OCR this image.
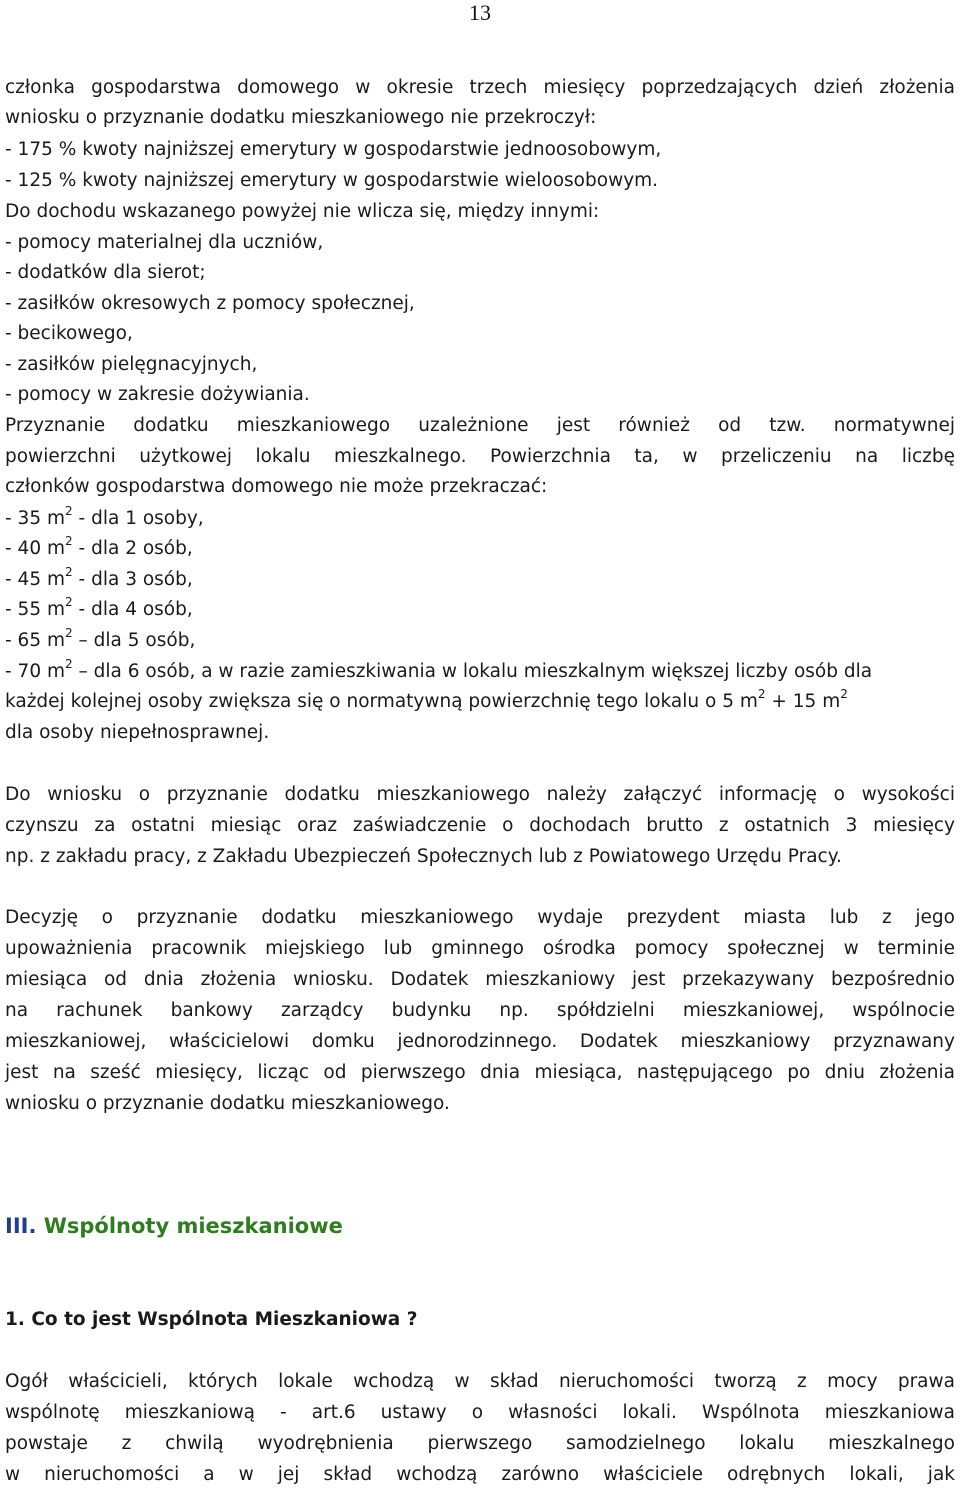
13
członka gospodarstwa domowego w okresie trzech miesięcy poprzedzających dzień złożenia
wniosku o przyznanie dodatku mieszkaniowego nie przekroczył:
- 175 % kwoty najniższej emerytury w gospodarstwie jednoosobowym,
- 125 % kwoty najniższej emerytury w gospodarstwie wieloosobowym.
Do dochodu wskazanego powyżej nie wlicza się, między innymi:
- pomocy materialnej dla uczniów,
- dodatków dla sierot;
- zasiłków okresowych z pomocy społecznej,
- becikowego,
- zasiłków pielęgnacyjnych,
- pomocy w zakresie dożywiania.
Przyznanie dodatku mieszkaniowego uzależnione jest również od tzw. normatywnej
powierzchni użytkowej lokalu mieszkalnego. Powierzchnia ta, w przeliczeniu na liczbę
członków gospodarstwa domowego nie może przekraczać:
- 35 $m^2$ - dla 1 osoby,
- 40 $m^2$ - dla 2 osób,
- 45 $m^2$ - dla 3 osób,
- 55 $m^2$ - dla 4 osób,
- 65 $m^2$ – dla 5 osób,
- 70 $m^2$ – dla 6 osób, a w razie zamieszkiwania w lokalu mieszkalnym większej liczby osób dla
każdej kolejnej osoby zwiększa się o normatywną powierzchnię tego lokalu o 5 $m^2 + 15$ $m^2$
dla osoby niepełnosprawnej.
Do wniosku o przyznanie dodatku mieszkaniowego należy załączyć informację o wysokości
czynszu za ostatni miesiąc oraz zaświadczenie o dochodach brutto z ostatnich 3 miesięcy
np. z zakładu pracy, z Zakładu Ubezpieczeń Społecznych lub z Powiatowego Urzędu Pracy.
Decyzję o przyznanie dodatku mieszkaniowego wydaje prezydent miasta lub z jego
upoważnienia pracownik miejskiego lub gminnego ośrodka pomocy społecznej w terminie
miesiąca od dnia złożenia wniosku. Dodatek mieszkaniowy jest przekazywany bezpośrednio
na rachunek bankowy zarządcy budynku np. spółdzielni mieszkaniowej, wspólnocie
mieszkaniowej, właścicielowi domku jednorodzinnego. Dodatek mieszkaniowy przyznawany
jest na sześć miesięcy, licząc od pierwszego dnia miesiąca, następującego po dniu złożenia
wniosku o przyznanie dodatku mieszkaniowego.
III. Wspólnoty mieszkaniowe
1. Co to jest Wspólnota Mieszkaniowa ?
Ogół właścicieli, których lokale wchodzą w skład nieruchomości tworzą z mocy prawa
wspólnotę mieszkaniową - art.6 ustawy o własności lokali. Wspólnota mieszkaniowa
powstaje z chwilą wyodrębnienia pierwszego samodzielnego lokalu mieszkalnego
w nieruchomości a w jej skład wchodzą zarówno właściciele odrębnych lokali, jak
